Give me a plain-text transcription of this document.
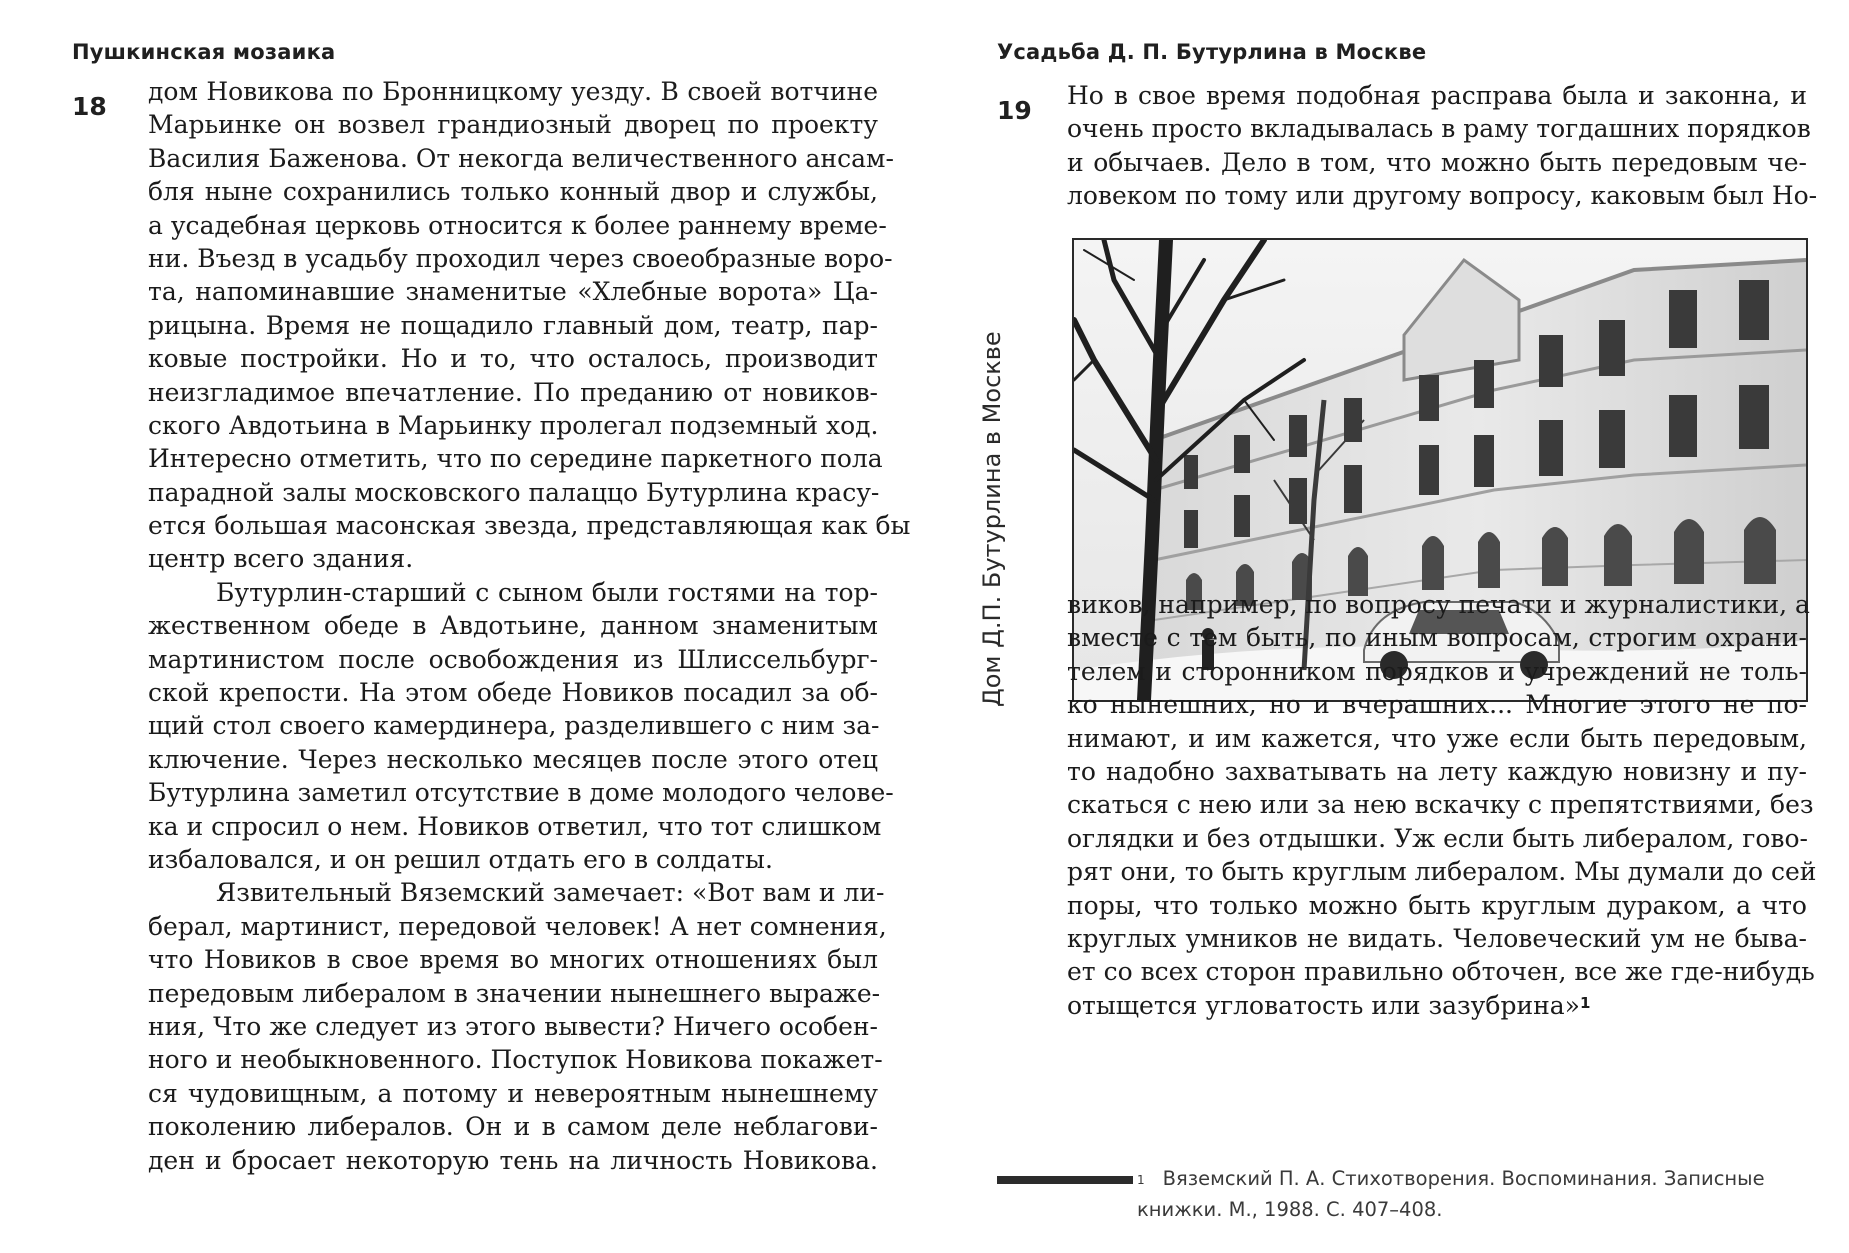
Пушкинская мозаика
18
дом Новикова по Бронницкому уезду. В своей вотчине
Марьинке он возвел грандиозный дворец по проекту
Василия Баженова. От некогда величественного ансам-
бля ныне сохранились только конный двор и службы,
а усадебная церковь относится к более раннему време-
ни. Въезд в усадьбу проходил через своеобразные воро-
та, напоминавшие знаменитые «Хлебные ворота» Ца-
рицына. Время не пощадило главный дом, театр, пар-
ковые постройки. Но и то, что осталось, производит
неизгладимое впечатление. По преданию от новиков-
ского Авдотьина в Марьинку пролегал подземный ход.
Интересно отметить, что по середине паркетного пола
парадной залы московского палаццо Бутурлина красу-
ется большая масонская звезда, представляющая как бы
центр всего здания.
Бутурлин-старший с сыном были гостями на тор-
жественном обеде в Авдотьине, данном знаменитым
мартинистом после освобождения из Шлиссельбург-
ской крепости. На этом обеде Новиков посадил за об-
щий стол своего камердинера, разделившего с ним за-
ключение. Через несколько месяцев после этого отец
Бутурлина заметил отсутствие в доме молодого челове-
ка и спросил о нем. Новиков ответил, что тот слишком
избаловался, и он решил отдать его в солдаты.
Язвительный Вяземский замечает: «Вот вам и ли-
берал, мартинист, передовой человек! А нет сомнения,
что Новиков в свое время во многих отношениях был
передовым либералом в значении нынешнего выраже-
ния, Что же следует из этого вывести? Ничего особен-
ного и необыкновенного. Поступок Новикова покажет-
ся чудовищным, а потому и невероятным нынешнему
поколению либералов. Он и в самом деле неблагови-
ден и бросает некоторую тень на личность Новикова.
Усадьба Д. П. Бутурлина в Москве
19
Но в свое время подобная расправа была и законна, и
очень просто вкладывалась в раму тогдашних порядков
и обычаев. Дело в том, что можно быть передовым че-
ловеком по тому или другому вопросу, каковым был Но-
Дом Д.П. Бутурлина в Москве виков, например, по вопросу печати и журналистики, а
вместе с тем быть, по иным вопросам, строгим охрани-
телем и сторонником порядков и учреждений не толь-
ко нынешних, но и вчерашних... Многие этого не по-
нимают, и им кажется, что уже если быть передовым,
то надобно захватывать на лету каждую новизну и пу-
скаться с нею или за нею вскачку с препятствиями, без
оглядки и без отдышки. Уж если быть либералом, гово-
рят они, то быть круглым либералом. Мы думали до сей
поры, что только можно быть круглым дураком, а что
круглых умников не видать. Человеческий ум не быва-
ет со всех сторон правильно обточен, все же где-нибудь
отыщется угловатость или зазубрина»$^1$
$^1$ Вяземский П. А. Стихотворения. Воспоминания. Записные
книжки. М., 1988. С. 407–408.
